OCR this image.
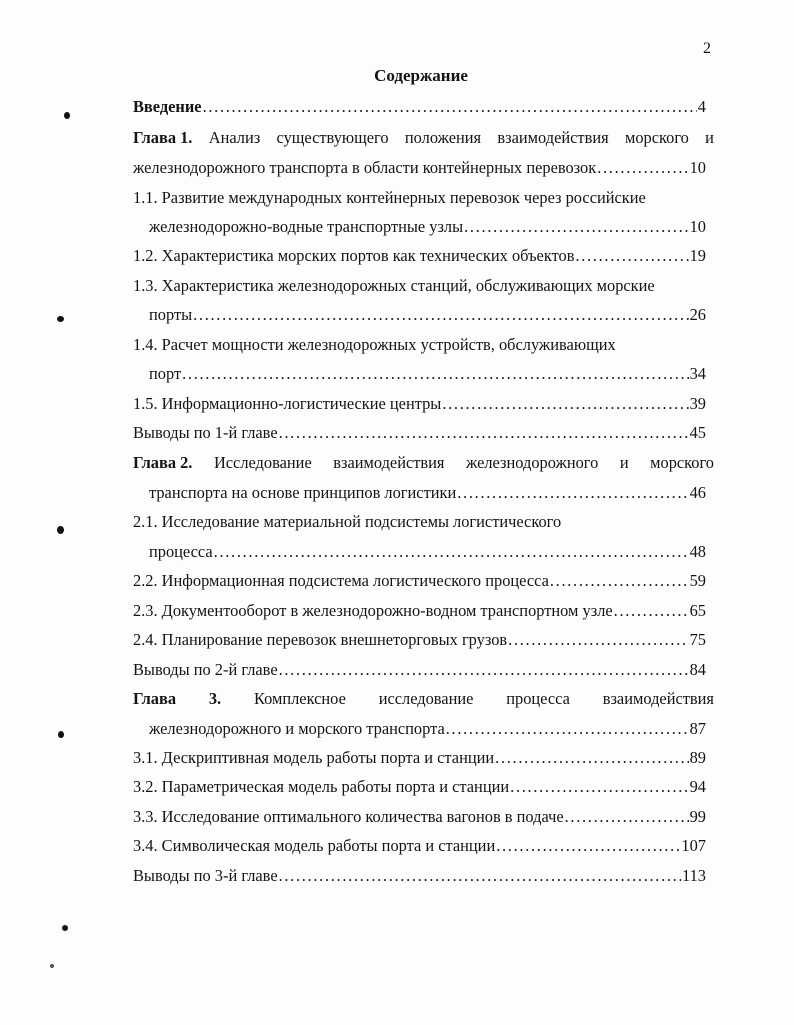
2
Содержание
Введение . . .	4
Глава 1. Анализ существующего положения взаимодействия морского и
железнодорожного транспорта в области контейнерных перевозок . . .	10
1.1. Развитие международных контейнерных перевозок через российские
железнодорожно-водные транспортные узлы . . .	10
1.2. Характеристика морских портов как технических объектов . . .	19
1.3. Характеристика железнодорожных станций, обслуживающих морские
порты . . .	26
1.4. Расчет мощности железнодорожных устройств, обслуживающих
порт . . .	34
1.5. Информационно-логистические центры . . .	39
Выводы по 1-й главе . . .	45
Глава 2. Исследование взаимодействия железнодорожного и морского
транспорта на основе принципов логистики . . .	46
2.1. Исследование материальной подсистемы логистического
процесса . . .	48
2.2. Информационная подсистема логистического процесса . . .	59
2.3. Документооборот в железнодорожно-водном транспортном узле . . .	65
2.4. Планирование перевозок внешнеторговых грузов . . .	75
Выводы по 2-й главе . . .	84
Глава 3. Комплексное исследование процесса взаимодействия
железнодорожного и морского транспорта . . .	87
3.1. Дескриптивная модель работы порта и станции . . .	89
3.2. Параметрическая модель работы порта и станции . . .	94
3.3. Исследование оптимального количества вагонов в подаче . . .	99
3.4. Символическая модель работы порта и станции . . .	107
Выводы по 3-й главе . . .	113
